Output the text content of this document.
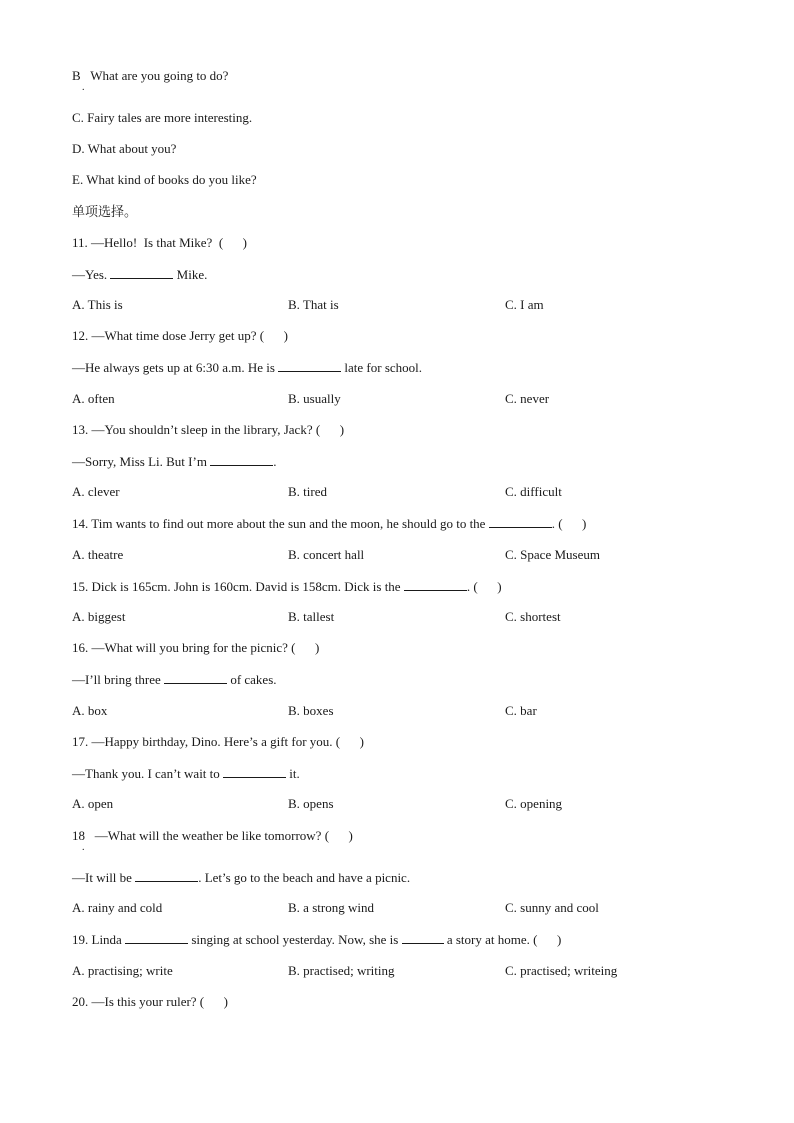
B What are you going to do?
.
C. Fairy tales are more interesting.
D. What about you?
E. What kind of books do you like?
单项选择。
11. —Hello!  Is that Mike?  ( )
—Yes.	Mike.
A. This is	B. That is	C. I am
12. —What time dose Jerry get up? ( )
—He always gets up at 6:30 a.m. He is	late for school.
A. often	B. usually	C. never
13. —You shouldn’t sleep in the library, Jack? ( )
—Sorry, Miss Li. But I’m	.
A. clever	B. tired	C. difficult
14. Tim wants to find out more about the sun and the moon, he should go to the	. ( )
A. theatre	B. concert hall	C. Space Museum
15. Dick is 165cm. John is 160cm. David is 158cm. Dick is the	. ( )
A. biggest	B. tallest	C. shortest
16. —What will you bring for the picnic? ( )
—I’ll bring three	of cakes.
A. box	B. boxes	C. bar
17. —Happy birthday, Dino. Here’s a gift for you. ( )
—Thank you. I can’t wait to	it.
A. open	B. opens	C. opening
18 —What will the weather be like tomorrow? ( )
.
—It will be	. Let’s go to the beach and have a picnic.
A. rainy and cold	B. a strong wind	C. sunny and cool
19. Linda	singing at school yesterday. Now, she is	a story at home. ( )
A. practising; write	B. practised; writing	C. practised; writeing
20. —Is this your ruler? ( )
